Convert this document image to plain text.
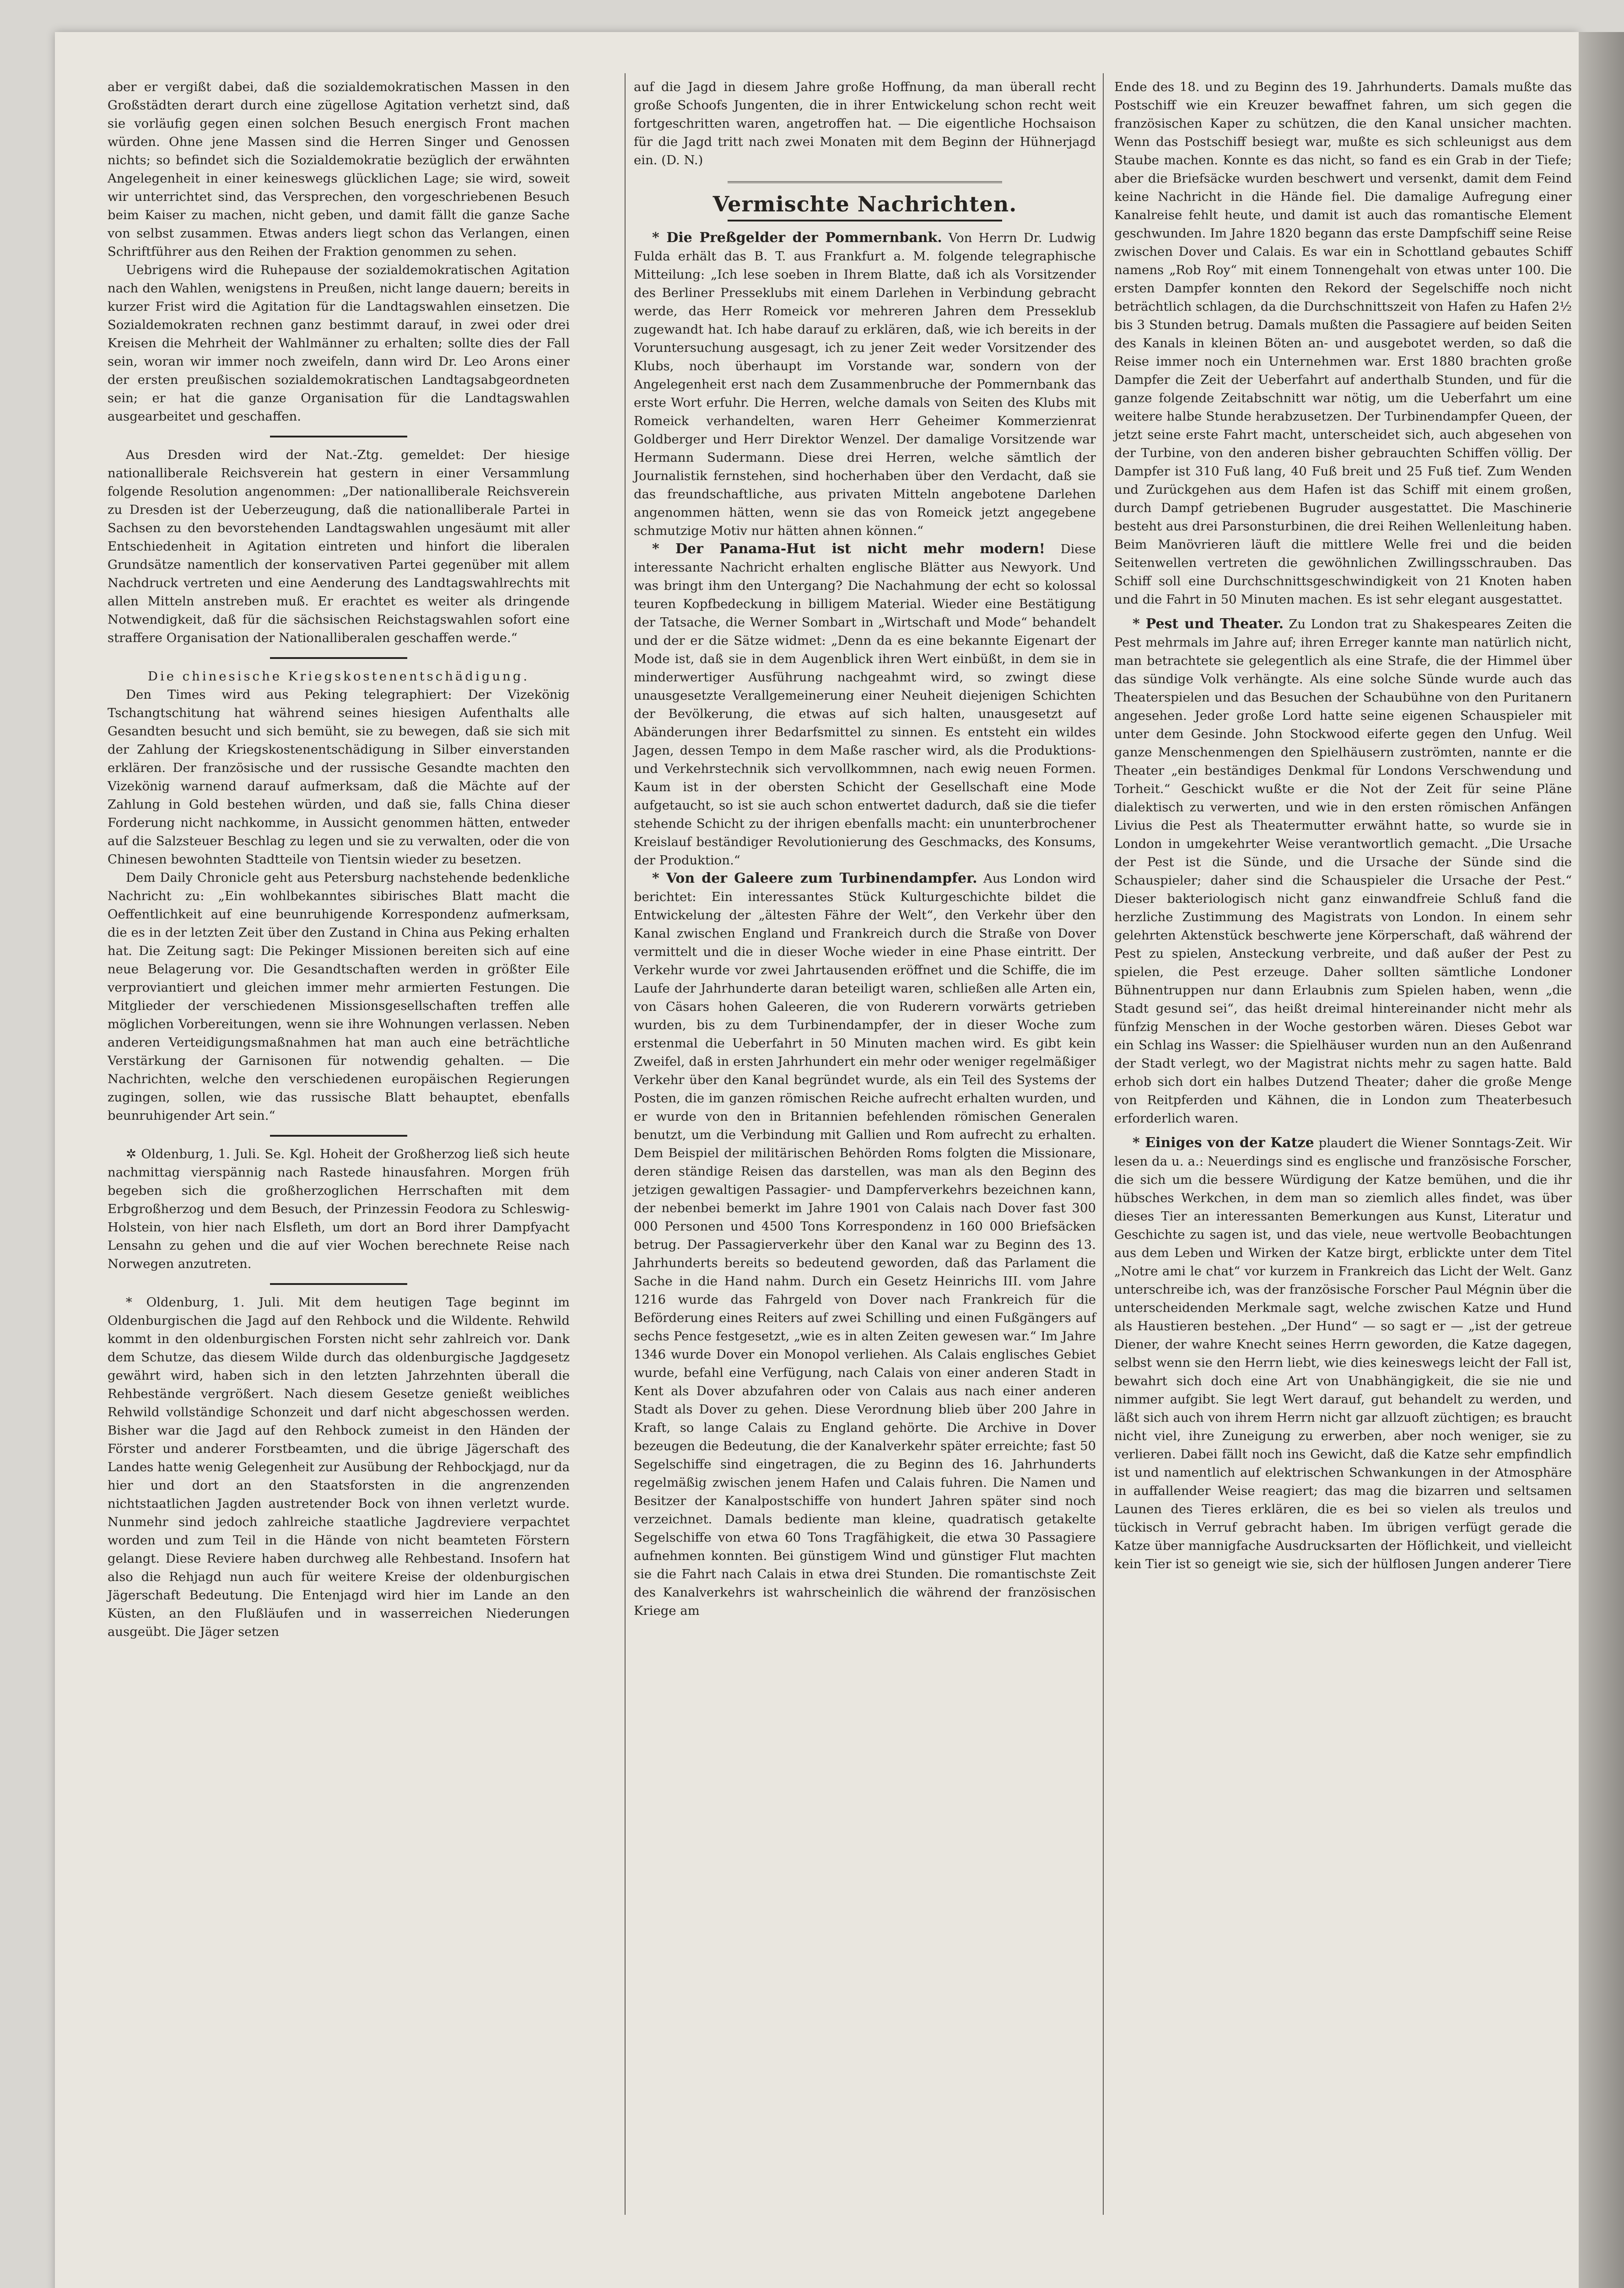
aber er vergißt dabei, daß die sozialdemokratischen Massen in den Großstädten derart durch eine zügellose Agitation verhetzt sind, daß sie vorläufig gegen einen solchen Besuch energisch Front machen würden. Ohne jene Massen sind die Herren Singer und Genossen nichts; so befindet sich die Sozialdemokratie bezüglich der erwähnten Angelegenheit in einer keineswegs glücklichen Lage; sie wird, soweit wir unterrichtet sind, das Versprechen, den vorgeschriebenen Besuch beim Kaiser zu machen, nicht geben, und damit fällt die ganze Sache von selbst zusammen. Etwas anders liegt schon das Verlangen, einen Schriftführer aus den Reihen der Fraktion genommen zu sehen.

Uebrigens wird die Ruhepause der sozialdemokratischen Agitation nach den Wahlen, wenigstens in Preußen, nicht lange dauern; bereits in kurzer Frist wird die Agitation für die Landtagswahlen einsetzen. Die Sozialdemokraten rechnen ganz bestimmt darauf, in zwei oder drei Kreisen die Mehrheit der Wahlmänner zu erhalten; sollte dies der Fall sein, woran wir immer noch zweifeln, dann wird Dr. Leo Arons einer der ersten preußischen sozialdemokratischen Landtagsabgeordneten sein; er hat die ganze Organisation für die Landtagswahlen ausgearbeitet und geschaffen.

Aus Dresden wird der Nat.-Ztg. gemeldet: Der hiesige nationalliberale Reichsverein hat gestern in einer Versammlung folgende Resolution angenommen: „Der nationalliberale Reichsverein zu Dresden ist der Ueberzeugung, daß die nationalliberale Partei in Sachsen zu den bevorstehenden Landtagswahlen ungesäumt mit aller Entschiedenheit in Agitation eintreten und hinfort die liberalen Grundsätze namentlich der konservativen Partei gegenüber mit allem Nachdruck vertreten und eine Aenderung des Landtagswahlrechts mit allen Mitteln anstreben muß. Er erachtet es weiter als dringende Notwendigkeit, daß für die sächsischen Reichstagswahlen sofort eine straffere Organisation der Nationalliberalen geschaffen werde.“

Die chinesische Kriegskostenentschädigung.

Den Times wird aus Peking telegraphiert: Der Vizekönig Tschangtschitung hat während seines hiesigen Aufenthalts alle Gesandten besucht und sich bemüht, sie zu bewegen, daß sie sich mit der Zahlung der Kriegskostenentschädigung in Silber einverstanden erklären. Der französische und der russische Gesandte machten den Vizekönig warnend darauf aufmerksam, daß die Mächte auf der Zahlung in Gold bestehen würden, und daß sie, falls China dieser Forderung nicht nachkomme, in Aussicht genommen hätten, entweder auf die Salzsteuer Beschlag zu legen und sie zu verwalten, oder die von Chinesen bewohnten Stadtteile von Tientsin wieder zu besetzen.

Dem Daily Chronicle geht aus Petersburg nachstehende bedenkliche Nachricht zu: „Ein wohlbekanntes sibirisches Blatt macht die Oeffentlichkeit auf eine beunruhigende Korrespondenz aufmerksam, die es in der letzten Zeit über den Zustand in China aus Peking erhalten hat. Die Zeitung sagt: Die Pekinger Missionen bereiten sich auf eine neue Belagerung vor. Die Gesandtschaften werden in größter Eile verproviantiert und gleichen immer mehr armierten Festungen. Die Mitglieder der verschiedenen Missionsgesellschaften treffen alle möglichen Vorbereitungen, wenn sie ihre Wohnungen verlassen. Neben anderen Verteidigungsmaßnahmen hat man auch eine beträchtliche Verstärkung der Garnisonen für notwendig gehalten. — Die Nachrichten, welche den verschiedenen europäischen Regierungen zugingen, sollen, wie das russische Blatt behauptet, ebenfalls beunruhigender Art sein.“

✲ Oldenburg, 1. Juli. Se. Kgl. Hoheit der Großherzog ließ sich heute nachmittag vierspännig nach Rastede hinausfahren. Morgen früh begeben sich die großherzoglichen Herrschaften mit dem Erbgroßherzog und dem Besuch, der Prinzessin Feodora zu Schleswig-Holstein, von hier nach Elsfleth, um dort an Bord ihrer Dampfyacht Lensahn zu gehen und die auf vier Wochen berechnete Reise nach Norwegen anzutreten.

* Oldenburg, 1. Juli. Mit dem heutigen Tage beginnt im Oldenburgischen die Jagd auf den Rehbock und die Wildente. Rehwild kommt in den oldenburgischen Forsten nicht sehr zahlreich vor. Dank dem Schutze, das diesem Wilde durch das oldenburgische Jagdgesetz gewährt wird, haben sich in den letzten Jahrzehnten überall die Rehbestände vergrößert. Nach diesem Gesetze genießt weibliches Rehwild vollständige Schonzeit und darf nicht abgeschossen werden. Bisher war die Jagd auf den Rehbock zumeist in den Händen der Förster und anderer Forstbeamten, und die übrige Jägerschaft des Landes hatte wenig Gelegenheit zur Ausübung der Rehbockjagd, nur da hier und dort an den Staatsforsten in die angrenzenden nichtstaatlichen Jagden austretender Bock von ihnen verletzt wurde. Nunmehr sind jedoch zahlreiche staatliche Jagdreviere verpachtet worden und zum Teil in die Hände von nicht beamteten Förstern gelangt. Diese Reviere haben durchweg alle Rehbestand. Insofern hat also die Rehjagd nun auch für weitere Kreise der oldenburgischen Jägerschaft Bedeutung. Die Entenjagd wird hier im Lande an den Küsten, an den Flußläufen und in wasserreichen Niederungen ausgeübt. Die Jäger setzen

auf die Jagd in diesem Jahre große Hoffnung, da man überall recht große Schoofs Jungenten, die in ihrer Entwickelung schon recht weit fortgeschritten waren, angetroffen hat. — Die eigentliche Hochsaison für die Jagd tritt nach zwei Monaten mit dem Beginn der Hühnerjagd ein. (D. N.)

Vermischte Nachrichten.

* Die Preßgelder der Pommernbank. Von Herrn Dr. Ludwig Fulda erhält das B. T. aus Frankfurt a. M. folgende telegraphische Mitteilung: „Ich lese soeben in Ihrem Blatte, daß ich als Vorsitzender des Berliner Presseklubs mit einem Darlehen in Verbindung gebracht werde, das Herr Romeick vor mehreren Jahren dem Presseklub zugewandt hat. Ich habe darauf zu erklären, daß, wie ich bereits in der Voruntersuchung ausgesagt, ich zu jener Zeit weder Vorsitzender des Klubs, noch überhaupt im Vorstande war, sondern von der Angelegenheit erst nach dem Zusammenbruche der Pommernbank das erste Wort erfuhr. Die Herren, welche damals von Seiten des Klubs mit Romeick verhandelten, waren Herr Geheimer Kommerzienrat Goldberger und Herr Direktor Wenzel. Der damalige Vorsitzende war Hermann Sudermann. Diese drei Herren, welche sämtlich der Journalistik fernstehen, sind hocherhaben über den Verdacht, daß sie das freundschaftliche, aus privaten Mitteln angebotene Darlehen angenommen hätten, wenn sie das von Romeick jetzt angegebene schmutzige Motiv nur hätten ahnen können.“

* Der Panama-Hut ist nicht mehr modern! Diese interessante Nachricht erhalten englische Blätter aus Newyork. Und was bringt ihm den Untergang? Die Nachahmung der echt so kolossal teuren Kopfbedeckung in billigem Material. Wieder eine Bestätigung der Tatsache, die Werner Sombart in „Wirtschaft und Mode“ behandelt und der er die Sätze widmet: „Denn da es eine bekannte Eigenart der Mode ist, daß sie in dem Augenblick ihren Wert einbüßt, in dem sie in minderwertiger Ausführung nachgeahmt wird, so zwingt diese unausgesetzte Verallgemeinerung einer Neuheit diejenigen Schichten der Bevölkerung, die etwas auf sich halten, unausgesetzt auf Abänderungen ihrer Bedarfsmittel zu sinnen. Es entsteht ein wildes Jagen, dessen Tempo in dem Maße rascher wird, als die Produktions- und Verkehrstechnik sich vervollkommnen, nach ewig neuen Formen. Kaum ist in der obersten Schicht der Gesellschaft eine Mode aufgetaucht, so ist sie auch schon entwertet dadurch, daß sie die tiefer stehende Schicht zu der ihrigen ebenfalls macht: ein ununterbrochener Kreislauf beständiger Revolutionierung des Geschmacks, des Konsums, der Produktion.“

* Von der Galeere zum Turbinendampfer. Aus London wird berichtet: Ein interessantes Stück Kulturgeschichte bildet die Entwickelung der „ältesten Fähre der Welt“, den Verkehr über den Kanal zwischen England und Frankreich durch die Straße von Dover vermittelt und die in dieser Woche wieder in eine Phase eintritt. Der Verkehr wurde vor zwei Jahrtausenden eröffnet und die Schiffe, die im Laufe der Jahrhunderte daran beteiligt waren, schließen alle Arten ein, von Cäsars hohen Galeeren, die von Ruderern vorwärts getrieben wurden, bis zu dem Turbinendampfer, der in dieser Woche zum erstenmal die Ueberfahrt in 50 Minuten machen wird. Es gibt kein Zweifel, daß in ersten Jahrhundert ein mehr oder weniger regelmäßiger Verkehr über den Kanal begründet wurde, als ein Teil des Systems der Posten, die im ganzen römischen Reiche aufrecht erhalten wurden, und er wurde von den in Britannien befehlenden römischen Generalen benutzt, um die Verbindung mit Gallien und Rom aufrecht zu erhalten. Dem Beispiel der militärischen Behörden Roms folgten die Missionare, deren ständige Reisen das darstellen, was man als den Beginn des jetzigen gewaltigen Passagier- und Dampferverkehrs bezeichnen kann, der nebenbei bemerkt im Jahre 1901 von Calais nach Dover fast 300 000 Personen und 4500 Tons Korrespondenz in 160 000 Briefsäcken betrug. Der Passagierverkehr über den Kanal war zu Beginn des 13. Jahrhunderts bereits so bedeutend geworden, daß das Parlament die Sache in die Hand nahm. Durch ein Gesetz Heinrichs III. vom Jahre 1216 wurde das Fahrgeld von Dover nach Frankreich für die Beförderung eines Reiters auf zwei Schilling und einen Fußgängers auf sechs Pence festgesetzt, „wie es in alten Zeiten gewesen war.“ Im Jahre 1346 wurde Dover ein Monopol verliehen. Als Calais englisches Gebiet wurde, befahl eine Verfügung, nach Calais von einer anderen Stadt in Kent als Dover abzufahren oder von Calais aus nach einer anderen Stadt als Dover zu gehen. Diese Verordnung blieb über 200 Jahre in Kraft, so lange Calais zu England gehörte. Die Archive in Dover bezeugen die Bedeutung, die der Kanalverkehr später erreichte; fast 50 Segelschiffe sind eingetragen, die zu Beginn des 16. Jahrhunderts regelmäßig zwischen jenem Hafen und Calais fuhren. Die Namen und Besitzer der Kanalpostschiffe von hundert Jahren später sind noch verzeichnet. Damals bediente man kleine, quadratisch getakelte Segelschiffe von etwa 60 Tons Tragfähigkeit, die etwa 30 Passagiere aufnehmen konnten. Bei günstigem Wind und günstiger Flut machten sie die Fahrt nach Calais in etwa drei Stunden. Die romantischste Zeit des Kanalverkehrs ist wahrscheinlich die während der französischen Kriege am

Ende des 18. und zu Beginn des 19. Jahrhunderts. Damals mußte das Postschiff wie ein Kreuzer bewaffnet fahren, um sich gegen die französischen Kaper zu schützen, die den Kanal unsicher machten. Wenn das Postschiff besiegt war, mußte es sich schleunigst aus dem Staube machen. Konnte es das nicht, so fand es ein Grab in der Tiefe; aber die Briefsäcke wurden beschwert und versenkt, damit dem Feind keine Nachricht in die Hände fiel. Die damalige Aufregung einer Kanalreise fehlt heute, und damit ist auch das romantische Element geschwunden. Im Jahre 1820 begann das erste Dampfschiff seine Reise zwischen Dover und Calais. Es war ein in Schottland gebautes Schiff namens „Rob Roy“ mit einem Tonnengehalt von etwas unter 100. Die ersten Dampfer konnten den Rekord der Segelschiffe noch nicht beträchtlich schlagen, da die Durchschnittszeit von Hafen zu Hafen 2½ bis 3 Stunden betrug. Damals mußten die Passagiere auf beiden Seiten des Kanals in kleinen Böten an- und ausgebotet werden, so daß die Reise immer noch ein Unternehmen war. Erst 1880 brachten große Dampfer die Zeit der Ueberfahrt auf anderthalb Stunden, und für die ganze folgende Zeitabschnitt war nötig, um die Ueberfahrt um eine weitere halbe Stunde herabzusetzen. Der Turbinendampfer Queen, der jetzt seine erste Fahrt macht, unterscheidet sich, auch abgesehen von der Turbine, von den anderen bisher gebrauchten Schiffen völlig. Der Dampfer ist 310 Fuß lang, 40 Fuß breit und 25 Fuß tief. Zum Wenden und Zurückgehen aus dem Hafen ist das Schiff mit einem großen, durch Dampf getriebenen Bugruder ausgestattet. Die Maschinerie besteht aus drei Parsonsturbinen, die drei Reihen Wellenleitung haben. Beim Manövrieren läuft die mittlere Welle frei und die beiden Seitenwellen vertreten die gewöhnlichen Zwillingsschrauben. Das Schiff soll eine Durchschnittsgeschwindigkeit von 21 Knoten haben und die Fahrt in 50 Minuten machen. Es ist sehr elegant ausgestattet.

* Pest und Theater. Zu London trat zu Shakespeares Zeiten die Pest mehrmals im Jahre auf; ihren Erreger kannte man natürlich nicht, man betrachtete sie gelegentlich als eine Strafe, die der Himmel über das sündige Volk verhängte. Als eine solche Sünde wurde auch das Theaterspielen und das Besuchen der Schaubühne von den Puritanern angesehen. Jeder große Lord hatte seine eigenen Schauspieler mit unter dem Gesinde. John Stockwood eiferte gegen den Unfug. Weil ganze Menschenmengen den Spielhäusern zuströmten, nannte er die Theater „ein beständiges Denkmal für Londons Verschwendung und Torheit.“ Geschickt wußte er die Not der Zeit für seine Pläne dialektisch zu verwerten, und wie in den ersten römischen Anfängen Livius die Pest als Theatermutter erwähnt hatte, so wurde sie in London in umgekehrter Weise verantwortlich gemacht. „Die Ursache der Pest ist die Sünde, und die Ursache der Sünde sind die Schauspieler; daher sind die Schauspieler die Ursache der Pest.“ Dieser bakteriologisch nicht ganz einwandfreie Schluß fand die herzliche Zustimmung des Magistrats von London. In einem sehr gelehrten Aktenstück beschwerte jene Körperschaft, daß während der Pest zu spielen, Ansteckung verbreite, und daß außer der Pest zu spielen, die Pest erzeuge. Daher sollten sämtliche Londoner Bühnentruppen nur dann Erlaubnis zum Spielen haben, wenn „die Stadt gesund sei“, das heißt dreimal hintereinander nicht mehr als fünfzig Menschen in der Woche gestorben wären. Dieses Gebot war ein Schlag ins Wasser: die Spielhäuser wurden nun an den Außenrand der Stadt verlegt, wo der Magistrat nichts mehr zu sagen hatte. Bald erhob sich dort ein halbes Dutzend Theater; daher die große Menge von Reitpferden und Kähnen, die in London zum Theaterbesuch erforderlich waren.

* Einiges von der Katze plaudert die Wiener Sonntags-Zeit. Wir lesen da u. a.: Neuerdings sind es englische und französische Forscher, die sich um die bessere Würdigung der Katze bemühen, und die ihr hübsches Werkchen, in dem man so ziemlich alles findet, was über dieses Tier an interessanten Bemerkungen aus Kunst, Literatur und Geschichte zu sagen ist, und das viele, neue wertvolle Beobachtungen aus dem Leben und Wirken der Katze birgt, erblickte unter dem Titel „Notre ami le chat“ vor kurzem in Frankreich das Licht der Welt. Ganz unterschreibe ich, was der französische Forscher Paul Mégnin über die unterscheidenden Merkmale sagt, welche zwischen Katze und Hund als Haustieren bestehen. „Der Hund“ — so sagt er — „ist der getreue Diener, der wahre Knecht seines Herrn geworden, die Katze dagegen, selbst wenn sie den Herrn liebt, wie dies keineswegs leicht der Fall ist, bewahrt sich doch eine Art von Unabhängigkeit, die sie nie und nimmer aufgibt. Sie legt Wert darauf, gut behandelt zu werden, und läßt sich auch von ihrem Herrn nicht gar allzuoft züchtigen; es braucht nicht viel, ihre Zuneigung zu erwerben, aber noch weniger, sie zu verlieren. Dabei fällt noch ins Gewicht, daß die Katze sehr empfindlich ist und namentlich auf elektrischen Schwankungen in der Atmosphäre in auffallender Weise reagiert; das mag die bizarren und seltsamen Launen des Tieres erklären, die es bei so vielen als treulos und tückisch in Verruf gebracht haben. Im übrigen verfügt gerade die Katze über mannigfache Ausdrucksarten der Höflichkeit, und vielleicht kein Tier ist so geneigt wie sie, sich der hülflosen Jungen anderer Tiere
